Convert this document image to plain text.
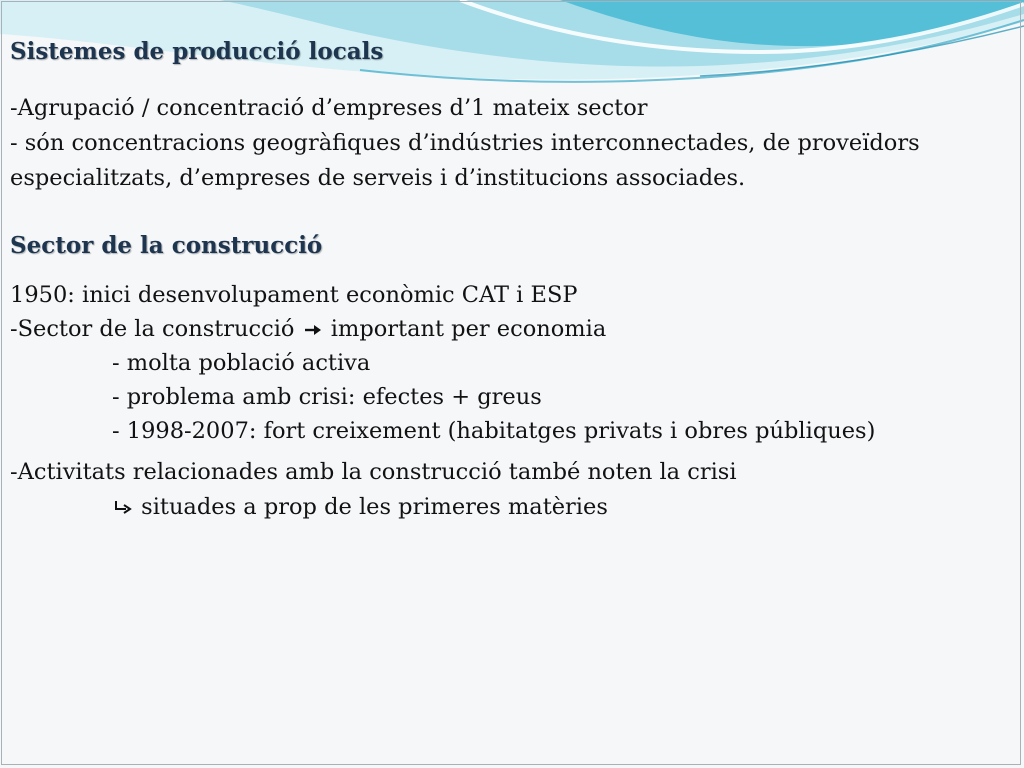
Sistemes de producció locals
-Agrupació / concentració d’empreses d’1 mateix sector
- són concentracions geogràfiques d’indústries interconnectades, de proveïdors
especialitzats, d’empreses de serveis i d’institucions associades.
Sector de la construcció
1950: inici desenvolupament econòmic CAT i ESP
-Sector de la construcció important per economia
- molta població activa
- problema amb crisi: efectes + greus
- 1998-2007: fort creixement (habitatges privats i obres públiques)
-Activitats relacionades amb la construcció també noten la crisi
situades a prop de les primeres matèries
